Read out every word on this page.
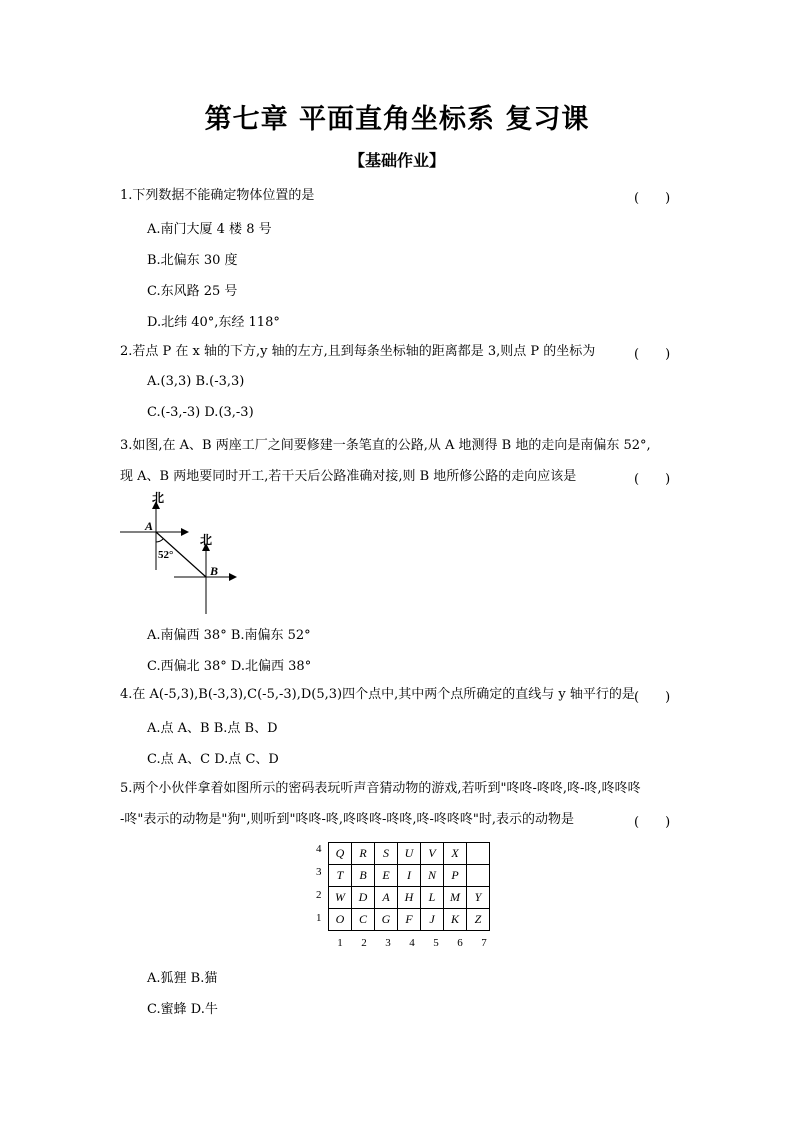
第七章 平面直角坐标系 复习课
【基础作业】
1.下列数据不能确定物体位置的是	(　　)
A.南门大厦 4 楼 8 号
B.北偏东 30 度
C.东风路 25 号
D.北纬 40°,东经 118°
2.若点 P 在 x 轴的下方,y 轴的左方,且到每条坐标轴的距离都是 3,则点 P 的坐标为	(　　)
A.(3,3) B.(-3,3)
C.(-3,-3) D.(3,-3)
3.如图,在 A、B 两座工厂之间要修建一条笔直的公路,从 A 地测得 B 地的走向是南偏东 52°,
现 A、B 两地要同时开工,若干天后公路准确对接,则 B 地所修公路的走向应该是	(　　)
北
北
A
B
52°
A.南偏西 38° B.南偏东 52°
C.西偏北 38° D.北偏西 38°
4.在 A(-5,3),B(-3,3),C(-5,-3),D(5,3)四个点中,其中两个点所确定的直线与 y 轴平行的是 (　　)
A.点 A、B B.点 B、D
C.点 A、C D.点 C、D
5.两个小伙伴拿着如图所示的密码表玩听声音猜动物的游戏,若听到"咚咚-咚咚,咚-咚,咚咚咚
-咚"表示的动物是"狗",则听到"咚咚-咚,咚咚咚-咚咚,咚-咚咚咚"时,表示的动物是	(　　)
4
3
2
1
Q	R	S	U	V	X	
T	B	E	I	N	P	
W	D	A	H	L	M	Y
O	C	G	F	J	K	Z
1 2 3 4 5 6 7
A.狐狸 B.猫
C.蜜蜂 D.牛
